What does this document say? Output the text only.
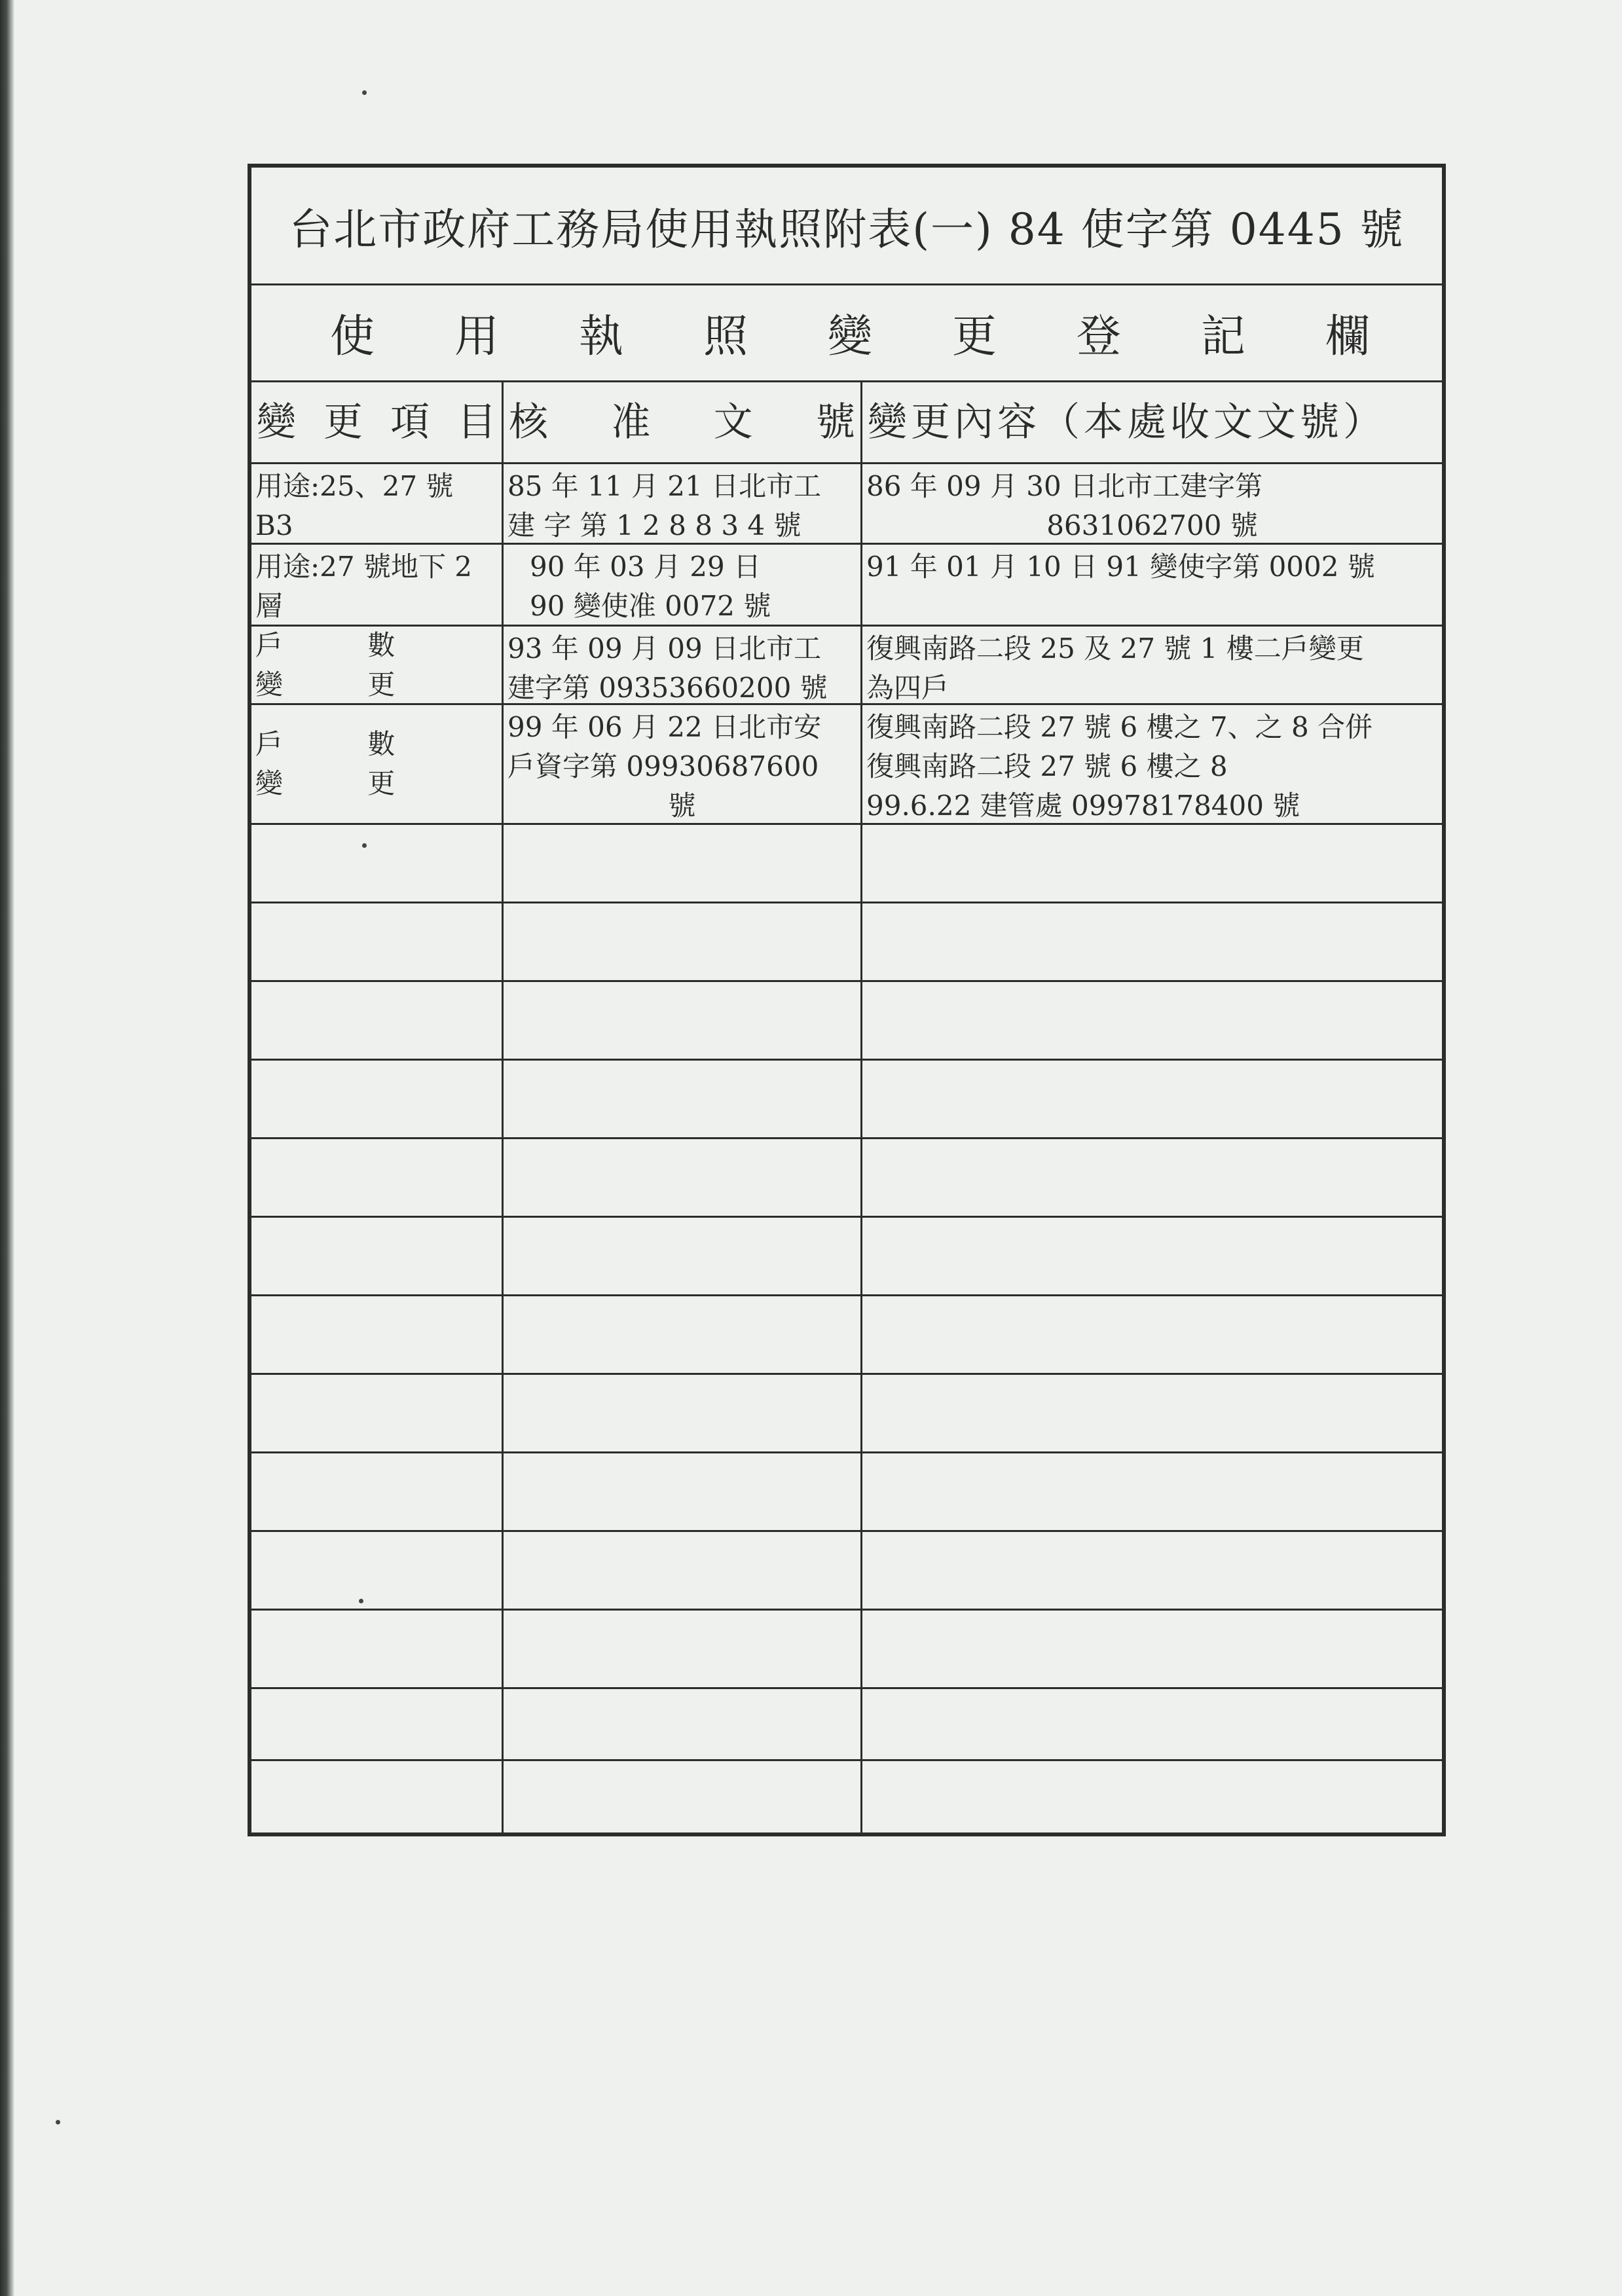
台北市政府工務局使用執照附表(一) 84 使字第 0445 號
使 用 執 照 變 更 登 記 欄
變 更 項 目 核 准 文 號 變更內容（本處收文文號）
用途:25、27 號
B3
85 年 11 月 21 日北市工
建 字 第 1 2 8 8 3 4 號
86 年 09 月 30 日北市工建字第
8631062700 號
用途:27 號地下 2
層
90 年 03 月 29 日
90 變使准 0072 號
91 年 01 月 10 日 91 變使字第 0002 號
戶 數 變 更
93 年 09 月 09 日北市工
建字第 09353660200 號
復興南路二段 25 及 27 號 1 樓二戶變更
為四戶
戶 數 變 更
99 年 06 月 22 日北市安
戶資字第 09930687600
號
復興南路二段 27 號 6 樓之 7、之 8 合併
復興南路二段 27 號 6 樓之 8
99.6.22 建管處 09978178400 號
